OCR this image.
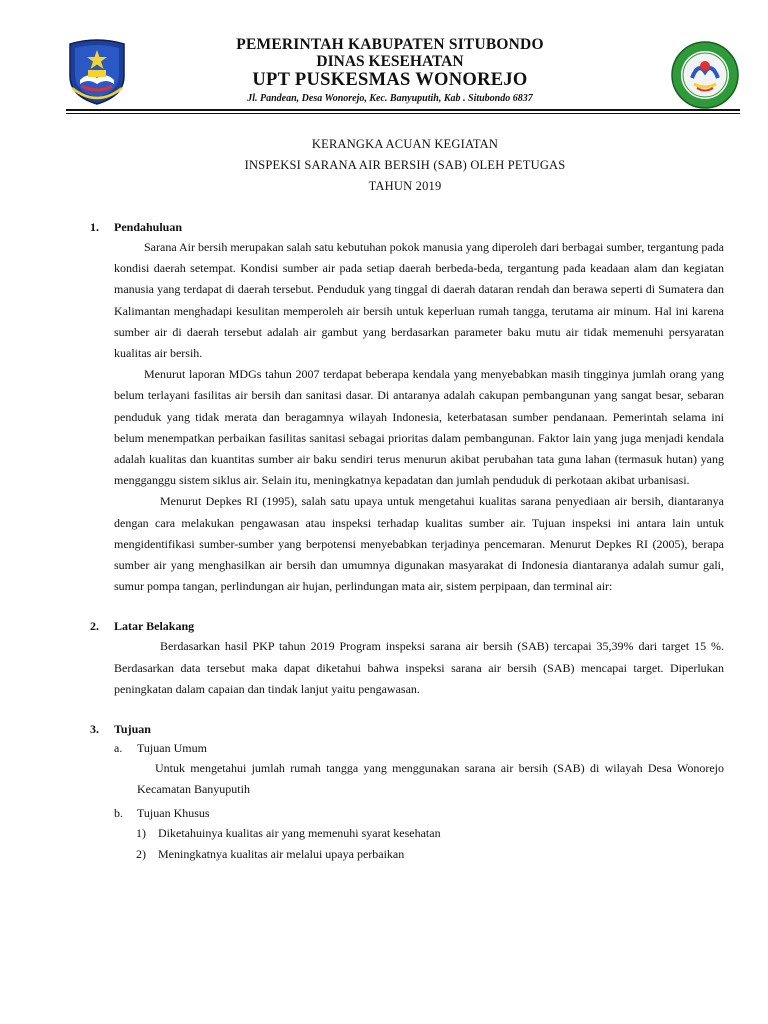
PEMERINTAH KABUPATEN SITUBONDO
DINAS KESEHATAN
UPT PUSKESMAS WONOREJO
Jl. Pandean, Desa Wonorejo, Kec. Banyuputih, Kab . Situbondo 6837
KERANGKA ACUAN KEGIATAN
INSPEKSI SARANA AIR BERSIH (SAB) OLEH PETUGAS
TAHUN 2019
1.	Pendahuluan
Sarana Air bersih merupakan salah satu kebutuhan pokok manusia yang diperoleh dari berbagai sumber, tergantung pada kondisi daerah setempat. Kondisi sumber air pada setiap daerah berbeda-beda, tergantung pada keadaan alam dan kegiatan manusia yang terdapat di daerah tersebut. Penduduk yang tinggal di daerah dataran rendah dan berawa seperti di Sumatera dan Kalimantan menghadapi kesulitan memperoleh air bersih untuk keperluan rumah tangga, terutama air minum. Hal ini karena sumber air di daerah tersebut adalah air gambut yang berdasarkan parameter baku mutu air tidak memenuhi persyaratan kualitas air bersih.
Menurut laporan MDGs tahun 2007 terdapat beberapa kendala yang menyebabkan masih tingginya jumlah orang yang belum terlayani fasilitas air bersih dan sanitasi dasar. Di antaranya adalah cakupan pembangunan yang sangat besar, sebaran penduduk yang tidak merata dan beragamnya wilayah Indonesia, keterbatasan sumber pendanaan. Pemerintah selama ini belum menempatkan perbaikan fasilitas sanitasi sebagai prioritas dalam pembangunan. Faktor lain yang juga menjadi kendala adalah kualitas dan kuantitas sumber air baku sendiri terus menurun akibat perubahan tata guna lahan (termasuk hutan) yang mengganggu sistem siklus air. Selain itu, meningkatnya kepadatan dan jumlah penduduk di perkotaan akibat urbanisasi.
Menurut Depkes RI (1995), salah satu upaya untuk mengetahui kualitas sarana penyediaan air bersih, diantaranya dengan cara melakukan pengawasan atau inspeksi terhadap kualitas sumber air. Tujuan inspeksi ini antara lain untuk mengidentifikasi sumber-sumber yang berpotensi menyebabkan terjadinya pencemaran. Menurut Depkes RI (2005), berapa sumber air yang menghasilkan air bersih dan umumnya digunakan masyarakat di Indonesia diantaranya adalah sumur gali, sumur pompa tangan, perlindungan air hujan, perlindungan mata air, sistem perpipaan, dan terminal air:
2.	Latar Belakang
Berdasarkan hasil PKP tahun 2019 Program inspeksi sarana air bersih (SAB) tercapai 35,39% dari target 15 %. Berdasarkan data tersebut maka dapat diketahui bahwa inspeksi sarana air bersih (SAB) mencapai target. Diperlukan peningkatan dalam capaian dan tindak lanjut yaitu pengawasan.
3.	Tujuan
a.	Tujuan Umum
Untuk mengetahui jumlah rumah tangga yang menggunakan sarana air bersih (SAB) di wilayah Desa Wonorejo Kecamatan Banyuputih
b.	Tujuan Khusus
1)	Diketahuinya kualitas air yang memenuhi syarat kesehatan
2)	Meningkatnya kualitas air melalui upaya perbaikan
